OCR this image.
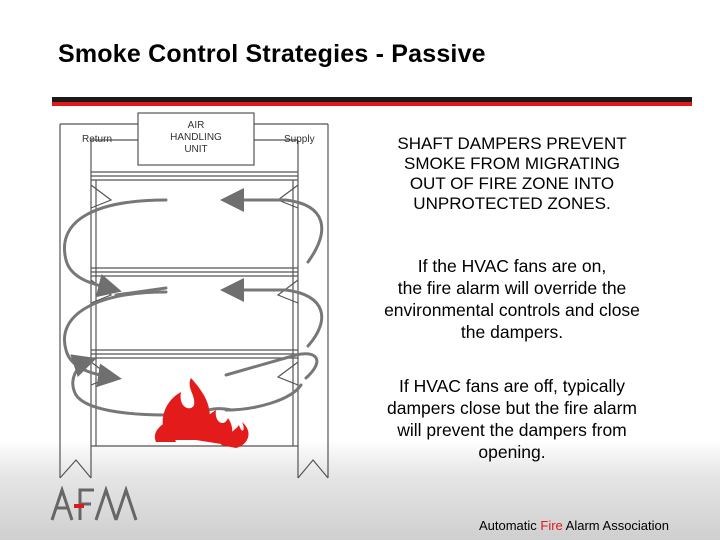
Smoke Control Strategies - Passive
AIR
HANDLING
UNIT
Return	Supply	SHAFT DAMPERS PREVENT
SMOKE FROM MIGRATING
OUT OF FIRE ZONE INTO
UNPROTECTED ZONES.
If the HVAC fans are on,
the fire alarm will override the
environmental controls and close
the dampers.
If HVAC fans are off, typically
dampers close but the fire alarm
will prevent the dampers from
opening.
Automatic Fire Alarm Association
